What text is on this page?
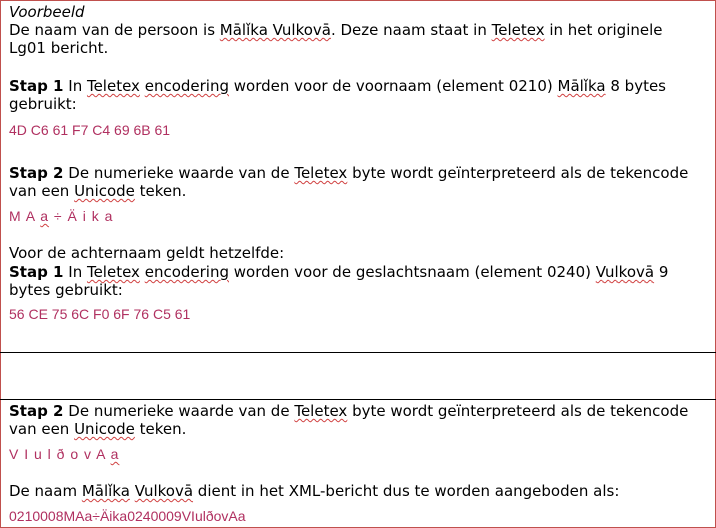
Voorbeeld
De naam van de persoon is Mālǐka Vulkovā. Deze naam staat in Teletex in het originele
Lg01 bericht.
Stap 1 In Teletex encodering worden voor de voornaam (element 0210) Mālǐka 8 bytes
gebruikt:
4D C6 61 F7 C4 69 6B 61
Stap 2 De numerieke waarde van de Teletex byte wordt geïnterpreteerd als de tekencode
van een Unicode teken.
M A a ÷ Ä i k a
Voor de achternaam geldt hetzelfde:
Stap 1 In Teletex encodering worden voor de geslachtsnaam (element 0240) Vulkovā 9
bytes gebruikt:
56 CE 75 6C F0 6F 76 C5 61
Stap 2 De numerieke waarde van de Teletex byte wordt geïnterpreteerd als de tekencode
van een Unicode teken.
V I u l ð o v A a
De naam Mālǐka Vulkovā dient in het XML-bericht dus te worden aangeboden als:
0210008MAa÷Äika0240009VIulðovAa
